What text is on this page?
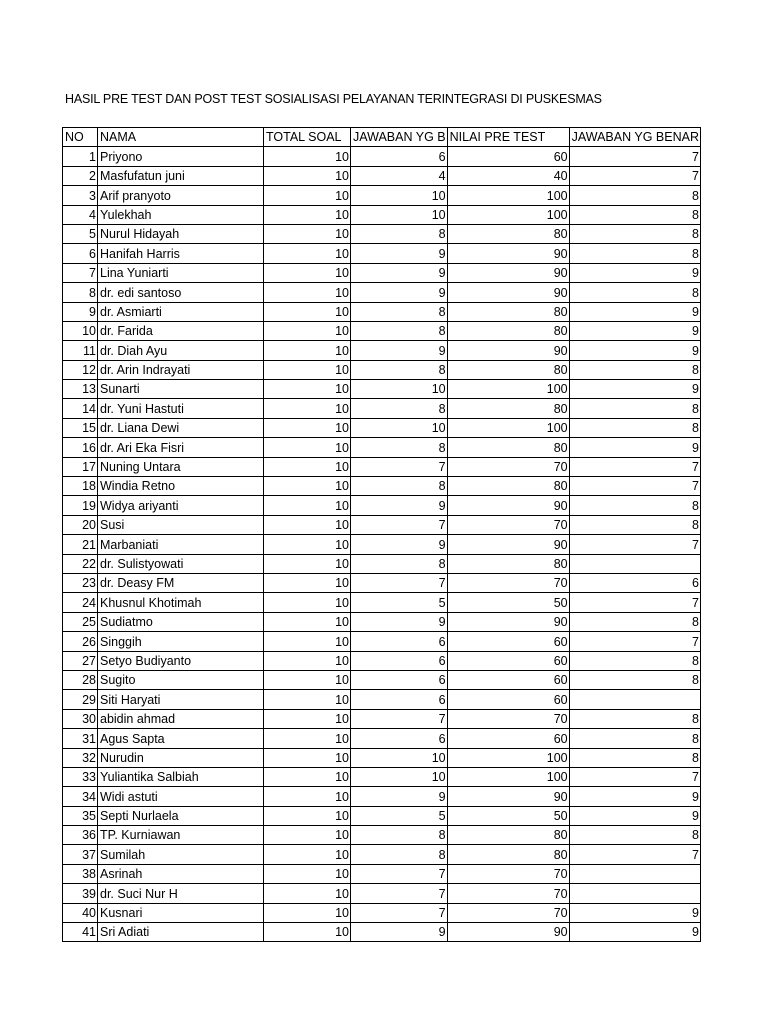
HASIL PRE TEST DAN POST TEST SOSIALISASI PELAYANAN TERINTEGRASI DI PUSKESMAS
NO	NAMA	TOTAL SOAL	JAWABAN YG B	NILAI PRE TEST	JAWABAN YG BENAR
1	Priyono	10	6	60	7
2	Masfufatun juni	10	4	40	7
3	Arif pranyoto	10	10	100	8
4	Yulekhah	10	10	100	8
5	Nurul Hidayah	10	8	80	8
6	Hanifah Harris	10	9	90	8
7	Lina Yuniarti	10	9	90	9
8	dr. edi santoso	10	9	90	8
9	dr. Asmiarti	10	8	80	9
10	dr. Farida	10	8	80	9
11	dr. Diah Ayu	10	9	90	9
12	dr. Arin Indrayati	10	8	80	8
13	Sunarti	10	10	100	9
14	dr. Yuni Hastuti	10	8	80	8
15	dr. Liana Dewi	10	10	100	8
16	dr. Ari Eka Fisri	10	8	80	9
17	Nuning Untara	10	7	70	7
18	Windia Retno	10	8	80	7
19	Widya ariyanti	10	9	90	8
20	Susi	10	7	70	8
21	Marbaniati	10	9	90	7
22	dr. Sulistyowati	10	8	80	
23	dr. Deasy FM	10	7	70	6
24	Khusnul Khotimah	10	5	50	7
25	Sudiatmo	10	9	90	8
26	Singgih	10	6	60	7
27	Setyo Budiyanto	10	6	60	8
28	Sugito	10	6	60	8
29	Siti Haryati	10	6	60	
30	abidin ahmad	10	7	70	8
31	Agus Sapta	10	6	60	8
32	Nurudin	10	10	100	8
33	Yuliantika Salbiah	10	10	100	7
34	Widi astuti	10	9	90	9
35	Septi Nurlaela	10	5	50	9
36	TP. Kurniawan	10	8	80	8
37	Sumilah	10	8	80	7
38	Asrinah	10	7	70	
39	dr. Suci Nur H	10	7	70	
40	Kusnari	10	7	70	9
41	Sri Adiati	10	9	90	9
